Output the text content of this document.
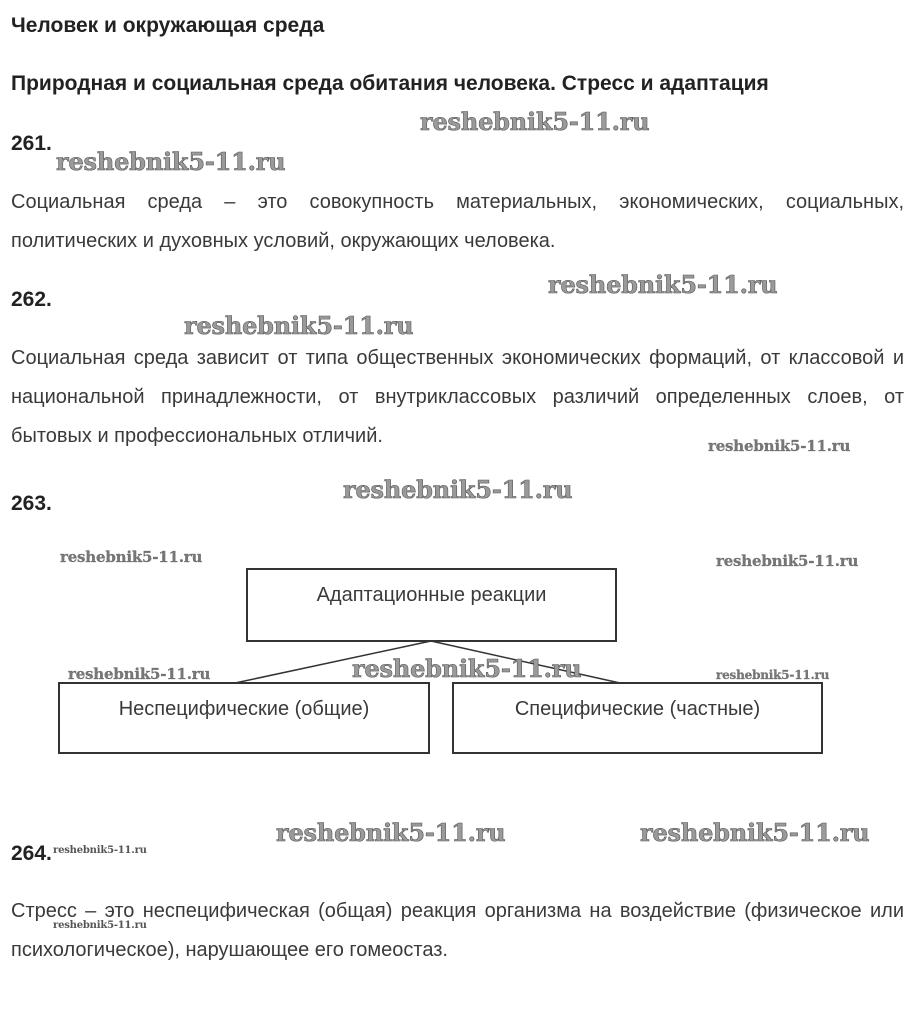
Человек и окружающая среда
Природная и социальная среда обитания человека. Стресс и адаптация
261.
Социальная среда – это совокупность материальных, экономических, социальных, политических и духовных условий, окружающих человека.
262.
Социальная среда зависит от типа общественных экономических формаций, от классовой и национальной принадлежности, от внутриклассовых различий определенных слоев, от бытовых и профессиональных отличий.
263.
Адаптационные реакции
Неспецифические (общие)	Специфические (частные)
264.
Стресс – это неспецифическая (общая) реакция организма на воздействие (физическое или психологическое), нарушающее его гомеостаз.
reshebnik5-11.ru
reshebnik5-11.ru
reshebnik5-11.ru
reshebnik5-11.ru
reshebnik5-11.ru
reshebnik5-11.ru
reshebnik5-11.ru	reshebnik5-11.ru
reshebnik5-11.ru	reshebnik5-11.ru	reshebnik5-11.ru
reshebnik5-11.ru	reshebnik5-11.ru
reshebnik5-11.ru
reshebnik5-11.ru
